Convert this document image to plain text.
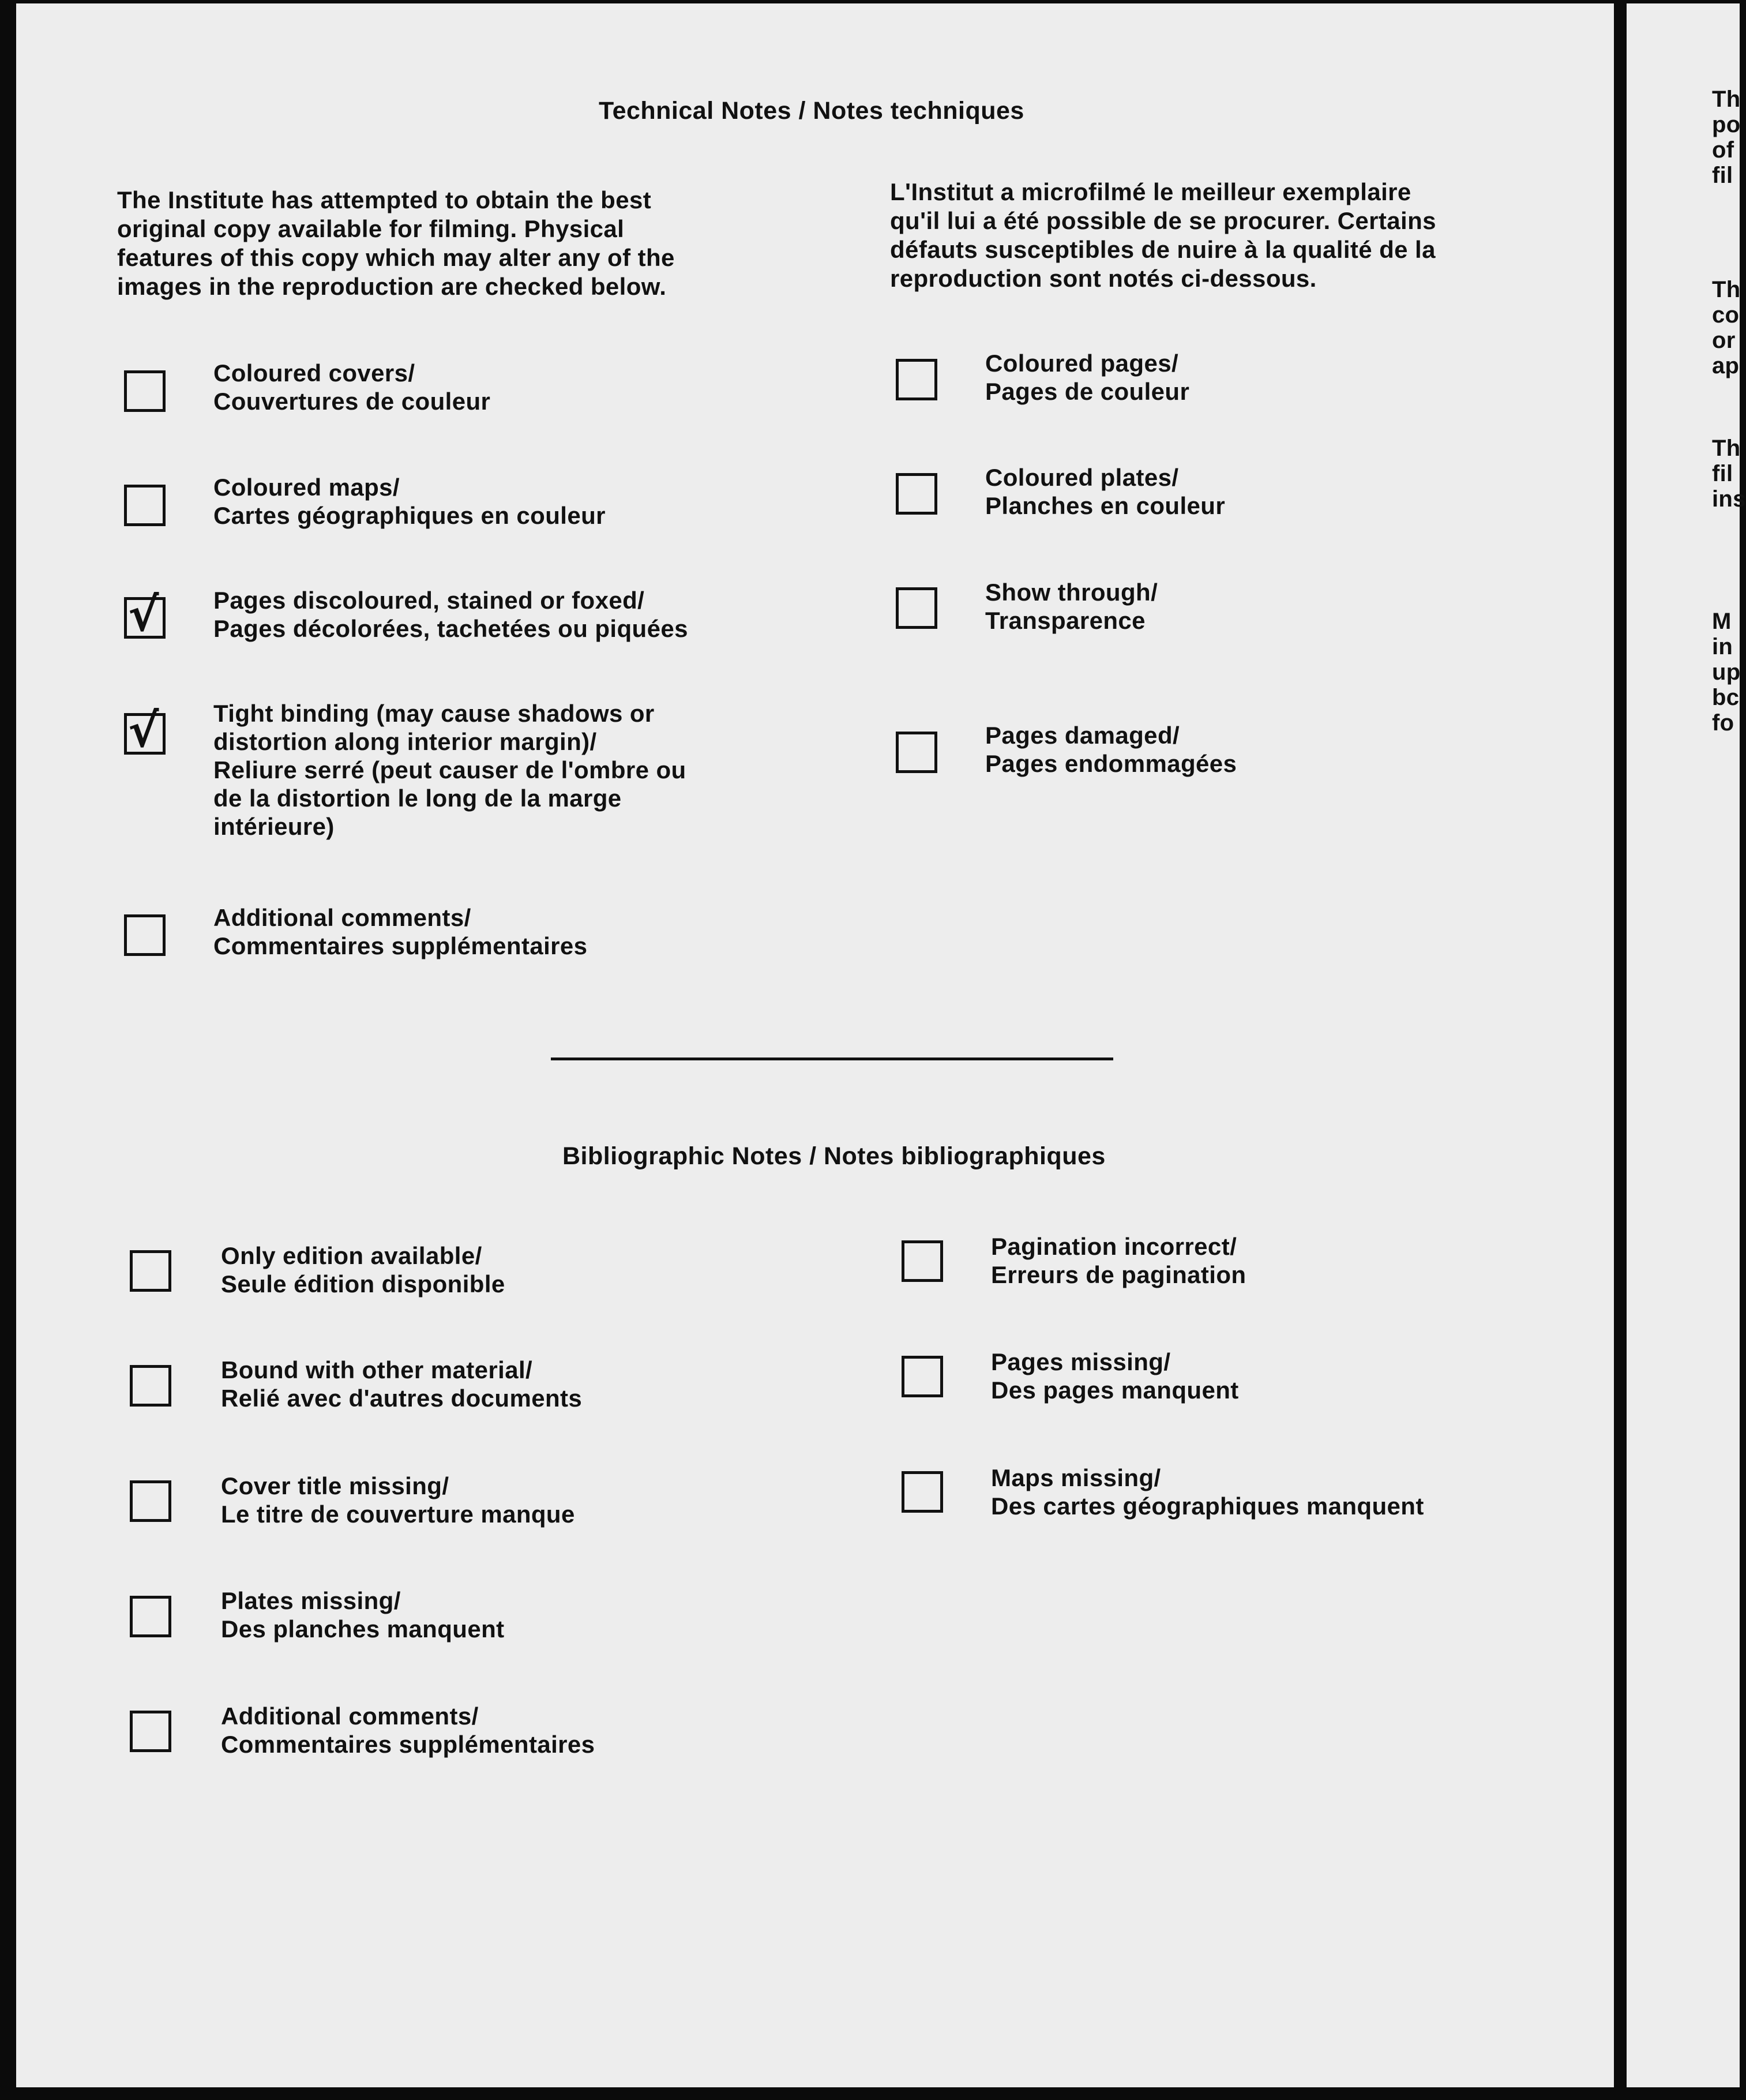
Technical Notes / Notes techniques
The Institute has attempted to obtain the best
original copy available for filming. Physical
features of this copy which may alter any of the
images in the reproduction are checked below.
L'Institut a microfilmé le meilleur exemplaire
qu'il lui a été possible de se procurer. Certains
défauts susceptibles de nuire à la qualité de la
reproduction sont notés ci-dessous.
Coloured covers/
Couvertures de couleur
Coloured maps/
Cartes géographiques en couleur
√ Pages discoloured, stained or foxed/
Pages décolorées, tachetées ou piquées
√ Tight binding (may cause shadows or
distortion along interior margin)/
Reliure serré (peut causer de l'ombre ou
de la distortion le long de la marge
intérieure)
Additional comments/
Commentaires supplémentaires
Coloured pages/
Pages de couleur
Coloured plates/
Planches en couleur
Show through/
Transparence
Pages damaged/
Pages endommagées
Bibliographic Notes / Notes bibliographiques
Only edition available/
Seule édition disponible
Bound with other material/
Relié avec d'autres documents
Cover title missing/
Le titre de couverture manque
Plates missing/
Des planches manquent
Additional comments/
Commentaires supplémentaires
Pagination incorrect/
Erreurs de pagination
Pages missing/
Des pages manquent
Maps missing/
Des cartes géographiques manquent
Th
po
of
fil
Th
co
or
ap
Th
fil
ins
M
in
up
bc
fo
